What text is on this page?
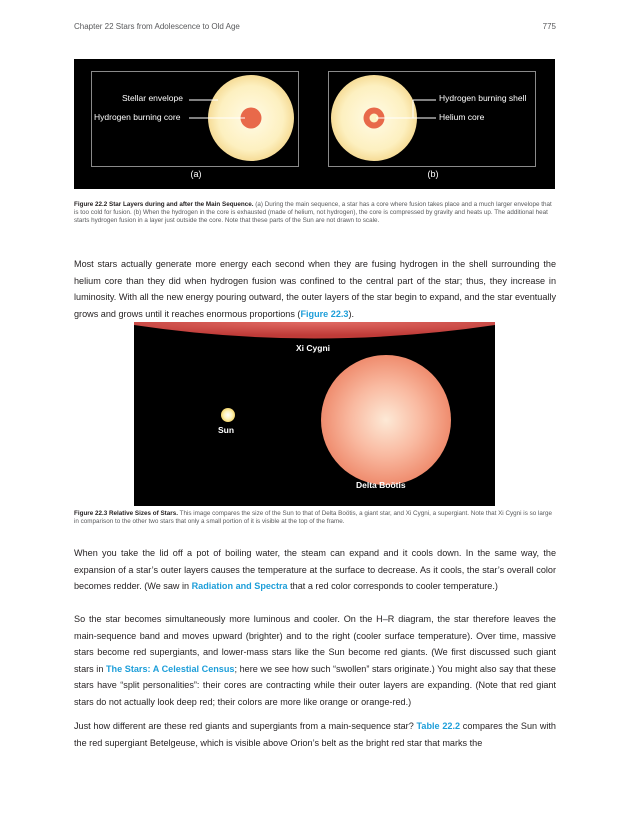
Chapter 22 Stars from Adolescence to Old Age	775
Stellar envelope
Hydrogen burning core
(a)
Hydrogen burning shell
Helium core
(b)
Figure 22.2 Star Layers during and after the Main Sequence. (a) During the main sequence, a star has a core where fusion takes place and a much larger envelope that is too cold for fusion. (b) When the hydrogen in the core is exhausted (made of helium, not hydrogen), the core is compressed by gravity and heats up. The additional heat starts hydrogen fusion in a layer just outside the core. Note that these parts of the Sun are not drawn to scale.

Most stars actually generate more energy each second when they are fusing hydrogen in the shell surrounding the helium core than they did when hydrogen fusion was confined to the central part of the star; thus, they increase in luminosity. With all the new energy pouring outward, the outer layers of the star begin to expand, and the star eventually grows and grows until it reaches enormous proportions (Figure 22.3).

Xi Cygni
Sun
Delta Boötis
Figure 22.3 Relative Sizes of Stars. This image compares the size of the Sun to that of Delta Boötis, a giant star, and Xi Cygni, a supergiant. Note that Xi Cygni is so large in comparison to the other two stars that only a small portion of it is visible at the top of the frame.

When you take the lid off a pot of boiling water, the steam can expand and it cools down. In the same way, the expansion of a star’s outer layers causes the temperature at the surface to decrease. As it cools, the star’s overall color becomes redder. (We saw in Radiation and Spectra that a red color corresponds to cooler temperature.)

So the star becomes simultaneously more luminous and cooler. On the H–R diagram, the star therefore leaves the main-sequence band and moves upward (brighter) and to the right (cooler surface temperature). Over time, massive stars become red supergiants, and lower-mass stars like the Sun become red giants. (We first discussed such giant stars in The Stars: A Celestial Census; here we see how such “swollen” stars originate.) You might also say that these stars have “split personalities”: their cores are contracting while their outer layers are expanding. (Note that red giant stars do not actually look deep red; their colors are more like orange or orange-red.)

Just how different are these red giants and supergiants from a main-sequence star? Table 22.2 compares the Sun with the red supergiant Betelgeuse, which is visible above Orion’s belt as the bright red star that marks the
